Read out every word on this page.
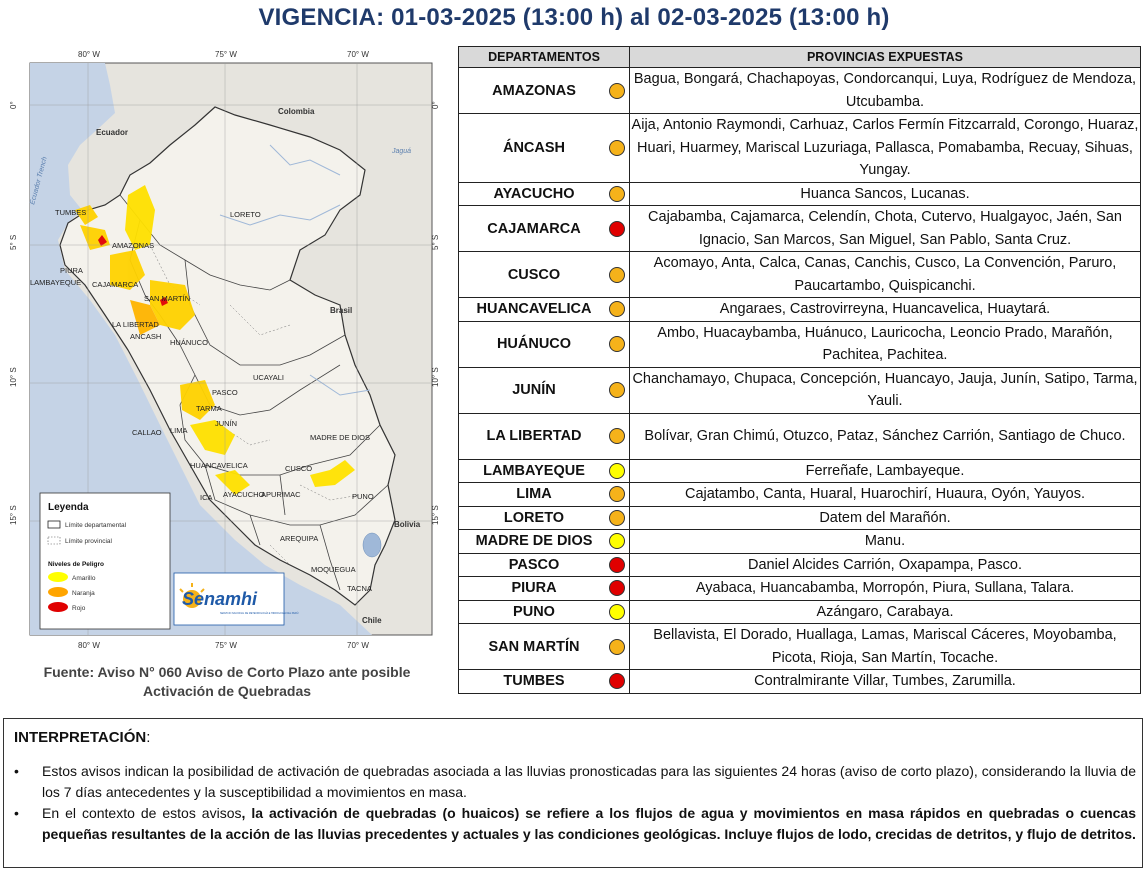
VIGENCIA: 01-03-2025 (13:00 h) al 02-03-2025 (13:00 h)
80° W	75° W	70° W
80° W	75° W	70° W
0°
5° S
10° S
15° S
0°
5° S
10° S
15° S
Colombia
Ecuador
Brasil
Bolivia
Chile
Jaguá
Ecuador Trench
TUMBES
PIURA
AMAZONAS
LAMBAYEQUE CAJAMARCA
LORETO
SAN MARTÍN
LA LIBERTAD
ANCASH
HUÁNUCO
UCAYALI
PASCO
CALLAO LIMA
JUNÍN
TARMA
MADRE DE DIOS
HUANCAVELICA	CUSCO
ICA AYACUCHO
APURIMAC	PUNO
AREQUIPA
MOQUEGUA
TACNA
Leyenda
Límite departamental
Límite provincial
Niveles de Peligro
Amarillo
Naranja
Rojo	Senamhi
SERVICIO NACIONAL DE METEOROLOGÍA E HIDROLOGÍA DEL PERÚ
Fuente: Aviso N° 060 Aviso de Corto Plazo ante posible Activación de Quebradas
DEPARTAMENTOS	PROVINCIAS EXPUESTAS
AMAZONAS	Bagua, Bongará, Chachapoyas, Condorcanqui, Luya, Rodríguez de Mendoza, Utcubamba.
ÁNCASH	Aija, Antonio Raymondi, Carhuaz, Carlos Fermín Fitzcarrald, Corongo, Huaraz, Huari, Huarmey, Mariscal Luzuriaga, Pallasca, Pomabamba, Recuay, Sihuas, Yungay.
AYACUCHO	Huanca Sancos, Lucanas.
CAJAMARCA	Cajabamba, Cajamarca, Celendín, Chota, Cutervo, Hualgayoc, Jaén, San Ignacio, San Marcos, San Miguel, San Pablo, Santa Cruz.
CUSCO	Acomayo, Anta, Calca, Canas, Canchis, Cusco, La Convención, Paruro, Paucartambo, Quispicanchi.
HUANCAVELICA	Angaraes, Castrovirreyna, Huancavelica, Huaytará.
HUÁNUCO	Ambo, Huacaybamba, Huánuco, Lauricocha, Leoncio Prado, Marañón, Pachitea, Pachitea.
JUNÍN	Chanchamayo, Chupaca, Concepción, Huancayo, Jauja, Junín, Satipo, Tarma, Yauli.
LA LIBERTAD	Bolívar, Gran Chimú, Otuzco, Pataz, Sánchez Carrión, Santiago de Chuco.
LAMBAYEQUE	Ferreñafe, Lambayeque.
LIMA	Cajatambo, Canta, Huaral, Huarochirí, Huaura, Oyón, Yauyos.
LORETO	Datem del Marañón.
MADRE DE DIOS	Manu.
PASCO	Daniel Alcides Carrión, Oxapampa, Pasco.
PIURA	Ayabaca, Huancabamba, Morropón, Piura, Sullana, Talara.
PUNO	Azángaro, Carabaya.
SAN MARTÍN	Bellavista, El Dorado, Huallaga, Lamas, Mariscal Cáceres, Moyobamba, Picota, Rioja, San Martín, Tocache.
TUMBES	Contralmirante Villar, Tumbes, Zarumilla.
INTERPRETACIÓN:
• Estos avisos indican la posibilidad de activación de quebradas asociada a las lluvias pronosticadas para las siguientes 24 horas (aviso de corto plazo), considerando la lluvia de los 7 días antecedentes y la susceptibilidad a movimientos en masa.
• En el contexto de estos avisos, la activación de quebradas (o huaicos) se refiere a los flujos de agua y movimientos en masa rápidos en quebradas o cuencas pequeñas resultantes de la acción de las lluvias precedentes y actuales y las condiciones geológicas. Incluye flujos de lodo, crecidas de detritos, y flujo de detritos.
